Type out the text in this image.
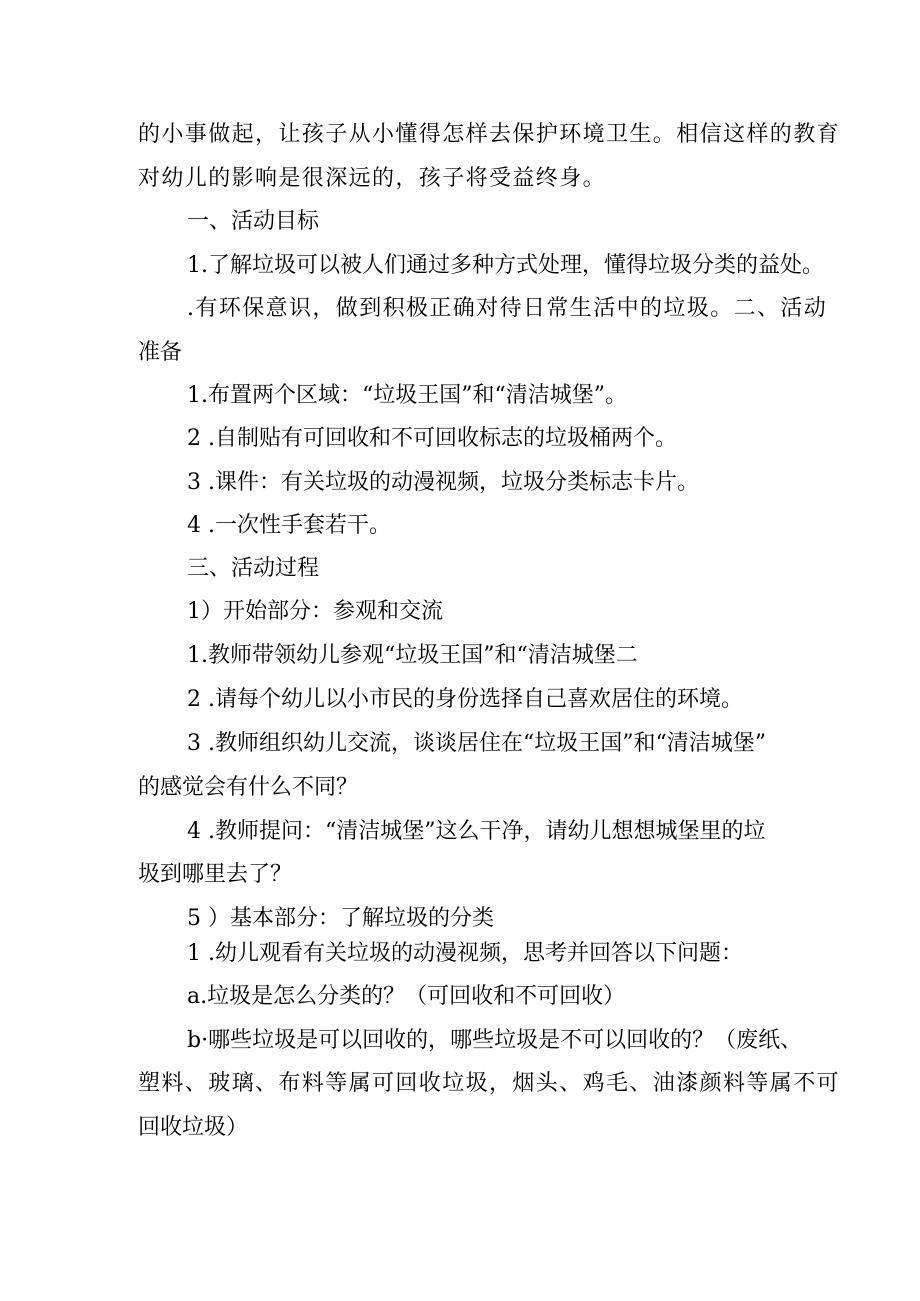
的小事做起，让孩子从小懂得怎样去保护环境卫生。相信这样的教育
对幼儿的影响是很深远的，孩子将受益终身。
一、活动目标
1.了解垃圾可以被人们通过多种方式处理，懂得垃圾分类的益处。
.有环保意识，做到积极正确对待日常生活中的垃圾。二、活动
准备
1.布置两个区域：“垃圾王国”和“清洁城堡”。
2 .自制贴有可回收和不可回收标志的垃圾桶两个。
3 .课件：有关垃圾的动漫视频，垃圾分类标志卡片。
4 .一次性手套若干。
三、活动过程
1）开始部分：参观和交流
1.教师带领幼儿参观“垃圾王国”和“清洁城堡二
2 .请每个幼儿以小市民的身份选择自己喜欢居住的环境。
3 .教师组织幼儿交流，谈谈居住在“垃圾王国”和“清洁城堡”
的感觉会有什么不同？
4 .教师提问：“清洁城堡”这么干净，请幼儿想想城堡里的垃
圾到哪里去了？
5 ）基本部分：了解垃圾的分类
1 .幼儿观看有关垃圾的动漫视频，思考并回答以下问题：
a.垃圾是怎么分类的？（可回收和不可回收）
b·哪些垃圾是可以回收的，哪些垃圾是不可以回收的？（废纸、
塑料、玻璃、布料等属可回收垃圾，烟头、鸡毛、油漆颜料等属不可
回收垃圾）
